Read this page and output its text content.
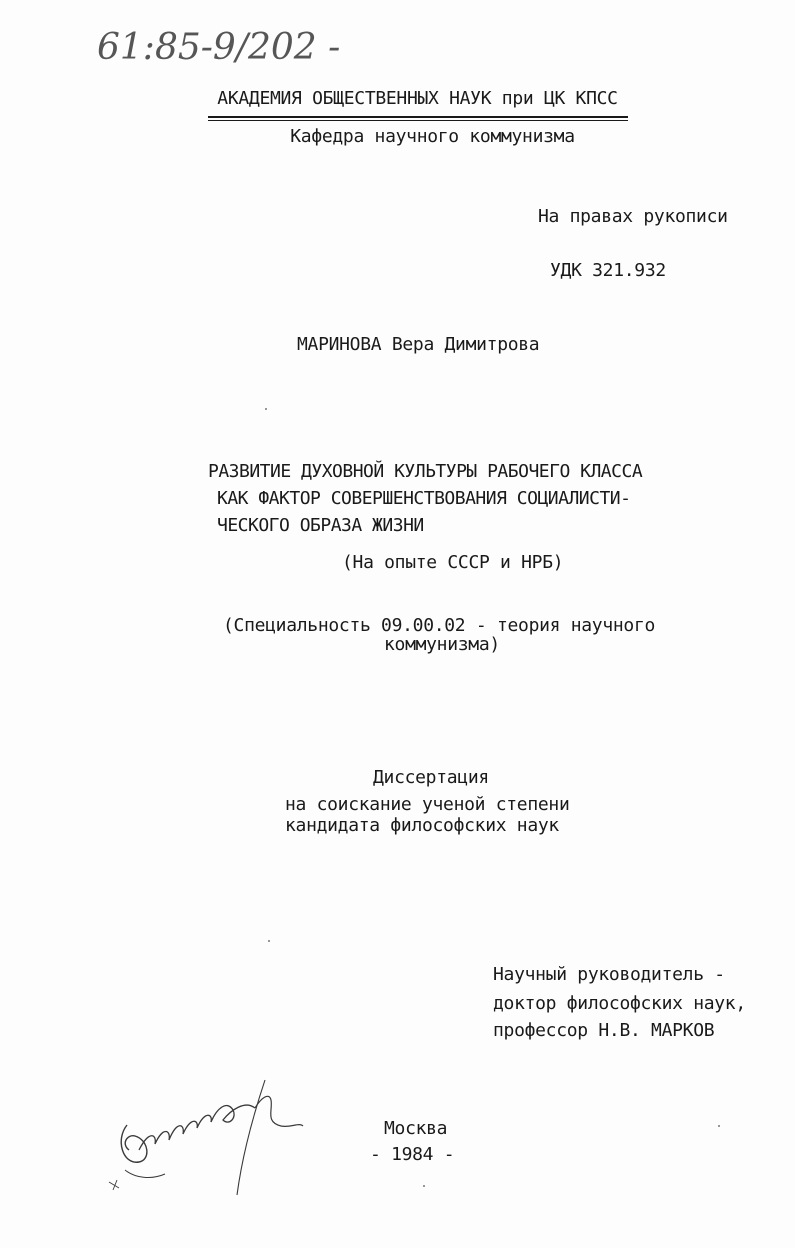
61:85-9/202 -
АКАДЕМИЯ ОБЩЕСТВЕННЫХ НАУК при ЦК КПСС
Кафедра научного коммунизма
На правах рукописи
УДК 321.932
МАРИНОВА Вера Димитрова
РАЗВИТИЕ ДУХОВНОЙ КУЛЬТУРЫ РАБОЧЕГО КЛАССА
КАК ФАКТОР СОВЕРШЕНСТВОВАНИЯ СОЦИАЛИСТИ-
ЧЕСКОГО ОБРАЗА ЖИЗНИ
(На опыте СССР и НРБ)
(Специальность 09.00.02 - теория научного
коммунизма)
Диссертация
на соискание ученой степени
кандидата философских наук
Научный руководитель -
доктор философских наук,
профессор Н.В. МАРКОВ
Москва
- 1984 -
